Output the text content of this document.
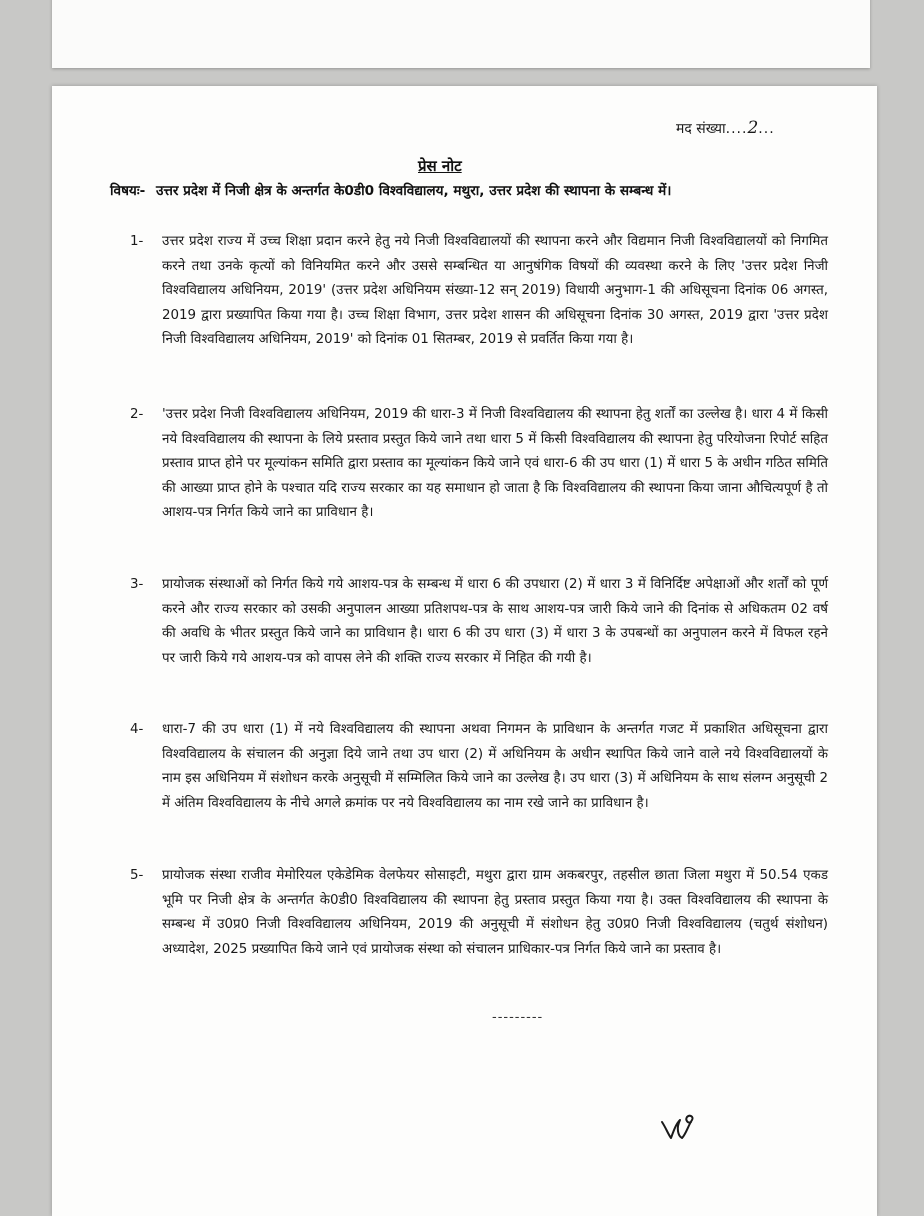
मद संख्या....2...
प्रेस नोट
विषयः- उत्तर प्रदेश में निजी क्षेत्र के अन्तर्गत के0डी0 विश्वविद्यालय, मथुरा, उत्तर प्रदेश की स्थापना के सम्बन्ध में।
1-	उत्तर प्रदेश राज्य में उच्च शिक्षा प्रदान करने हेतु नये निजी विश्वविद्यालयों की स्थापना करने और विद्यमान निजी विश्वविद्यालयों को निगमित करने तथा उनके कृत्यों को विनियमित करने और उससे सम्बन्धित या आनुषंगिक विषयों की व्यवस्था करने के लिए 'उत्तर प्रदेश निजी विश्वविद्यालय अधिनियम, 2019' (उत्तर प्रदेश अधिनियम संख्या-12 सन् 2019) विधायी अनुभाग-1 की अधिसूचना दिनांक 06 अगस्त, 2019 द्वारा प्रख्यापित किया गया है। उच्च शिक्षा विभाग, उत्तर प्रदेश शासन की अधिसूचना दिनांक 30 अगस्त, 2019 द्वारा 'उत्तर प्रदेश निजी विश्वविद्यालय अधिनियम, 2019' को दिनांक 01 सितम्बर, 2019 से प्रवर्तित किया गया है।
2-	'उत्तर प्रदेश निजी विश्वविद्यालय अधिनियम, 2019 की धारा-3 में निजी विश्वविद्यालय की स्थापना हेतु शर्तों का उल्लेख है। धारा 4 में किसी नये विश्वविद्यालय की स्थापना के लिये प्रस्ताव प्रस्तुत किये जाने तथा धारा 5 में किसी विश्वविद्यालय की स्थापना हेतु परियोजना रिपोर्ट सहित प्रस्ताव प्राप्त होने पर मूल्यांकन समिति द्वारा प्रस्ताव का मूल्यांकन किये जाने एवं धारा-6 की उप धारा (1) में धारा 5 के अधीन गठित समिति की आख्या प्राप्त होने के पश्चात यदि राज्य सरकार का यह समाधान हो जाता है कि विश्वविद्यालय की स्थापना किया जाना औचित्यपूर्ण है तो आशय-पत्र निर्गत किये जाने का प्राविधान है।
3-	प्रायोजक संस्थाओं को निर्गत किये गये आशय-पत्र के सम्बन्ध में धारा 6 की उपधारा (2) में धारा 3 में विनिर्दिष्ट अपेक्षाओं और शर्तों को पूर्ण करने और राज्य सरकार को उसकी अनुपालन आख्या प्रतिशपथ-पत्र के साथ आशय-पत्र जारी किये जाने की दिनांक से अधिकतम 02 वर्ष की अवधि के भीतर प्रस्तुत किये जाने का प्राविधान है। धारा 6 की उप धारा (3) में धारा 3 के उपबन्धों का अनुपालन करने में विफल रहने पर जारी किये गये आशय-पत्र को वापस लेने की शक्ति राज्य सरकार में निहित की गयी है।
4-	धारा-7 की उप धारा (1) में नये विश्वविद्यालय की स्थापना अथवा निगमन के प्राविधान के अन्तर्गत गजट में प्रकाशित अधिसूचना द्वारा विश्वविद्यालय के संचालन की अनुज्ञा दिये जाने तथा उप धारा (2) में अधिनियम के अधीन स्थापित किये जाने वाले नये विश्वविद्यालयों के नाम इस अधिनियम में संशोधन करके अनुसूची में सम्मिलित किये जाने का उल्लेख है। उप धारा (3) में अधिनियम के साथ संलग्न अनुसूची 2 में अंतिम विश्वविद्यालय के नीचे अगले क्रमांक पर नये विश्वविद्यालय का नाम रखे जाने का प्राविधान है।
5-	प्रायोजक संस्था राजीव मेमोरियल एकेडेमिक वेलफेयर सोसाइटी, मथुरा द्वारा ग्राम अकबरपुर, तहसील छाता जिला मथुरा में 50.54 एकड भूमि पर निजी क्षेत्र के अन्तर्गत के0डी0 विश्वविद्यालय की स्थापना हेतु प्रस्ताव प्रस्तुत किया गया है। उक्त विश्वविद्यालय की स्थापना के सम्बन्ध में उ0प्र0 निजी विश्वविद्यालय अधिनियम, 2019 की अनुसूची में संशोधन हेतु उ0प्र0 निजी विश्वविद्यालय (चतुर्थ संशोधन) अध्यादेश, 2025 प्रख्यापित किये जाने एवं प्रायोजक संस्था को संचालन प्राधिकार-पत्र निर्गत किये जाने का प्रस्ताव है।
---------
